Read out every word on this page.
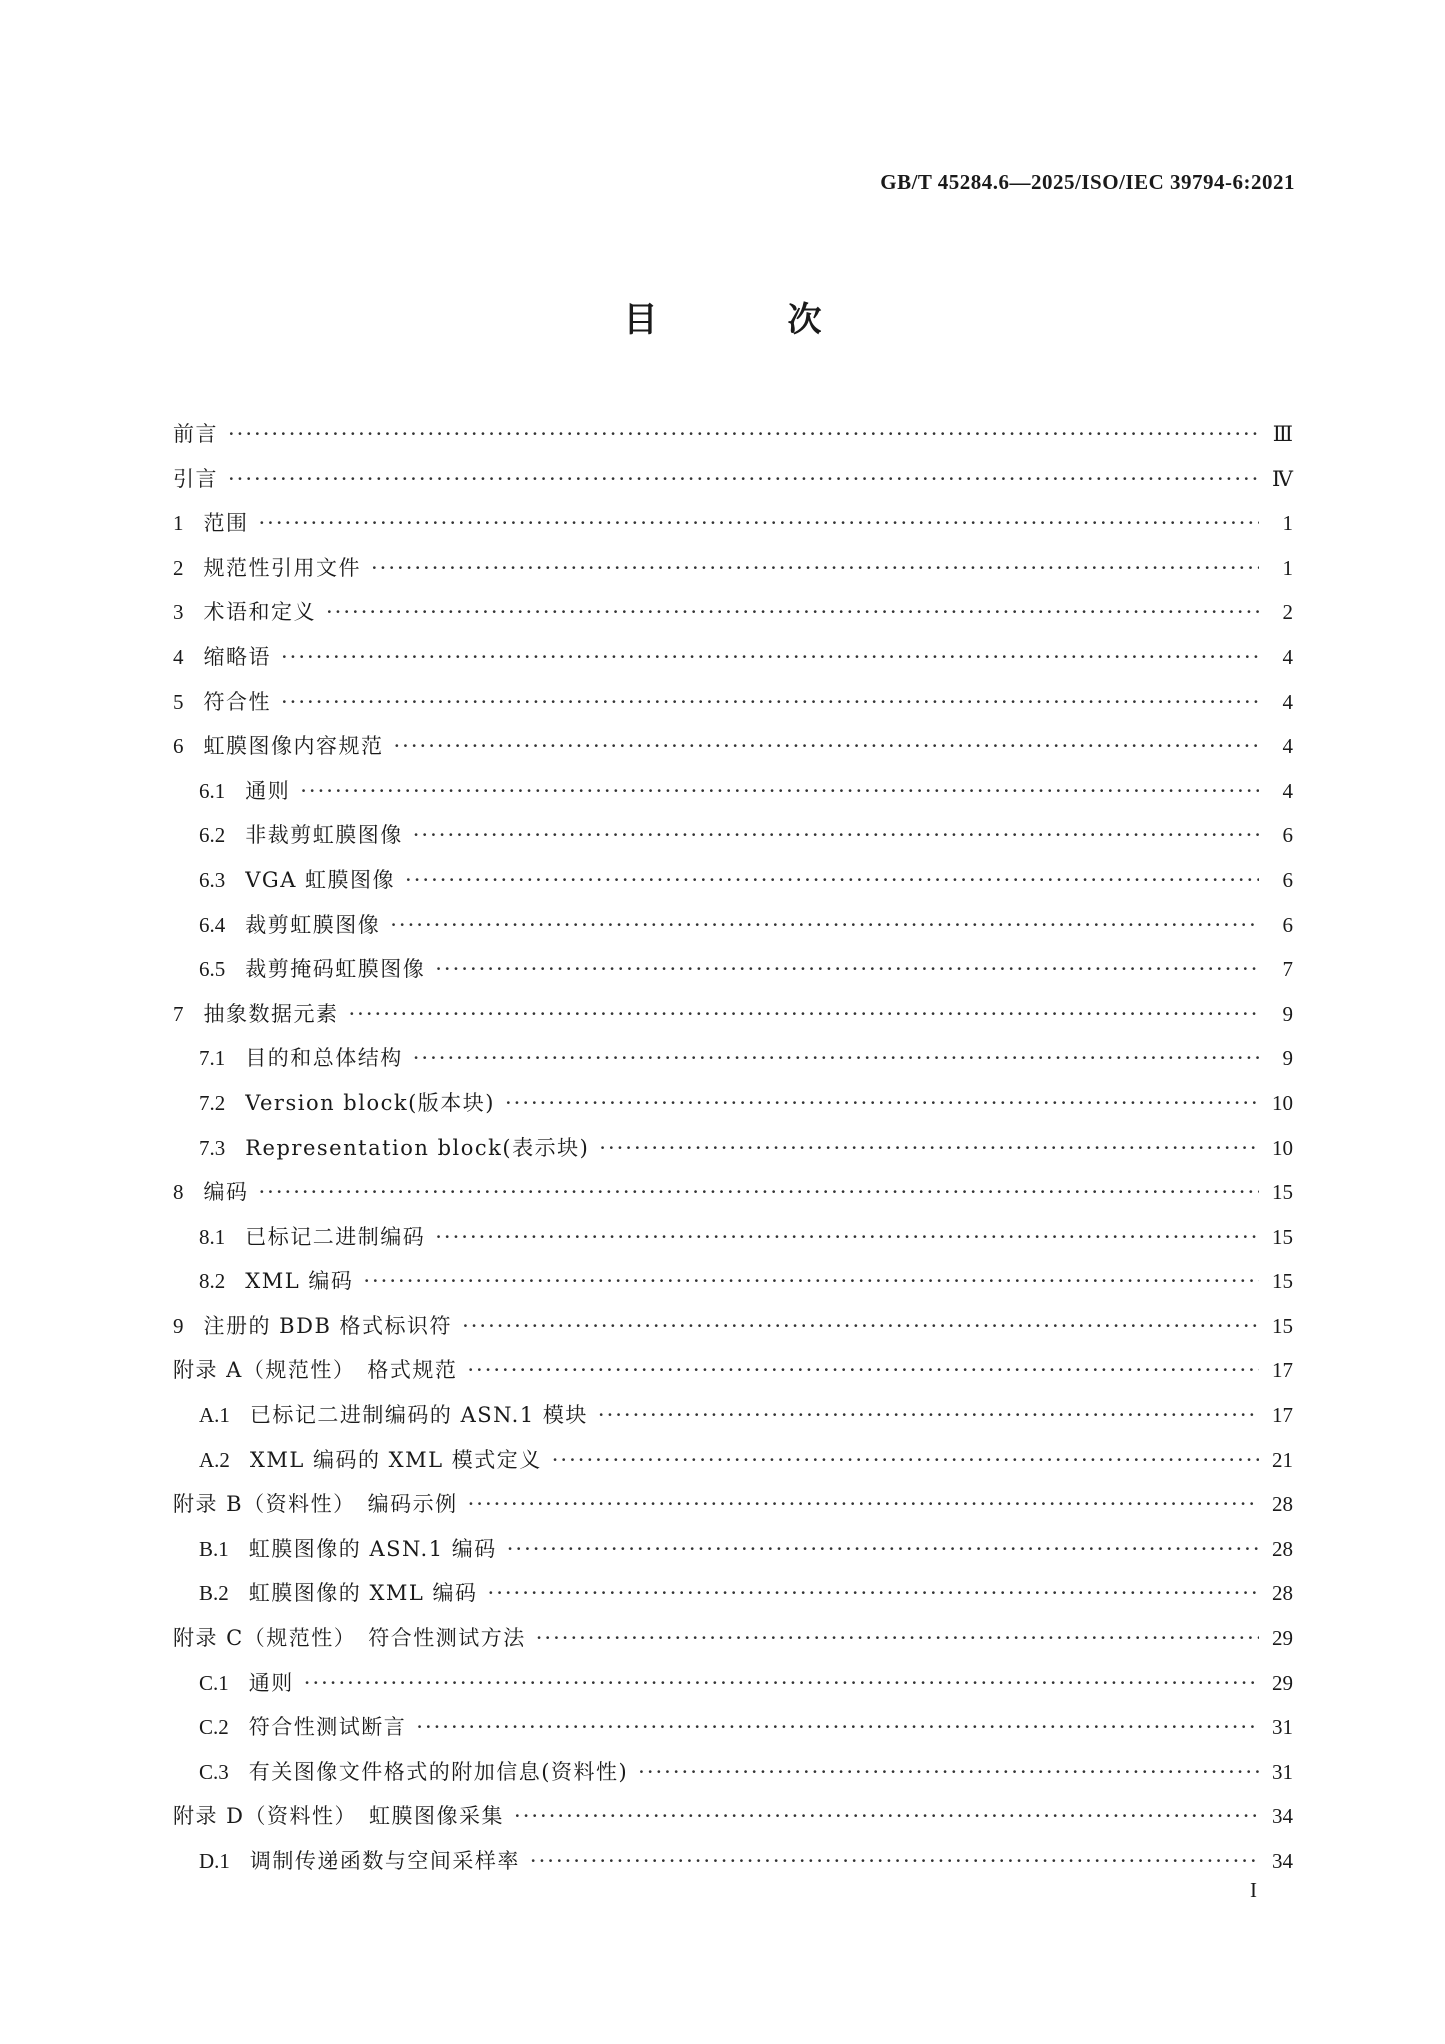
GB/T 45284.6—2025/ISO/IEC 39794-6:2021
目　次
前言 ·····	Ⅲ
引言 ·····	Ⅳ
1 范围 ·····	1
2 规范性引用文件 ·····	1
3 术语和定义 ·····	2
4 缩略语 ·····	4
5 符合性 ·····	4
6 虹膜图像内容规范 ·····	4
6.1 通则 ·····	4
6.2 非裁剪虹膜图像 ·····	6
6.3 VGA 虹膜图像 ·····	6
6.4 裁剪虹膜图像 ·····	6
6.5 裁剪掩码虹膜图像 ·····	7
7 抽象数据元素 ·····	9
7.1 目的和总体结构 ·····	9
7.2 Version block(版本块) ·····	10
7.3 Representation block(表示块) ·····	10
8 编码 ·····	15
8.1 已标记二进制编码 ·····	15
8.2 XML 编码 ·····	15
9 注册的 BDB 格式标识符 ·····	15
附录 A（规范性）　格式规范 ·····	17
A.1 已标记二进制编码的 ASN.1 模块 ·····	17
A.2 XML 编码的 XML 模式定义 ·····	21
附录 B（资料性）　编码示例 ·····	28
B.1 虹膜图像的 ASN.1 编码 ·····	28
B.2 虹膜图像的 XML 编码 ·····	28
附录 C（规范性）　符合性测试方法 ·····	29
C.1 通则 ·····	29
C.2 符合性测试断言 ·····	31
C.3 有关图像文件格式的附加信息(资料性) ·····	31
附录 D（资料性）　虹膜图像采集 ·····	34
D.1 调制传递函数与空间采样率 ·····	34
I
